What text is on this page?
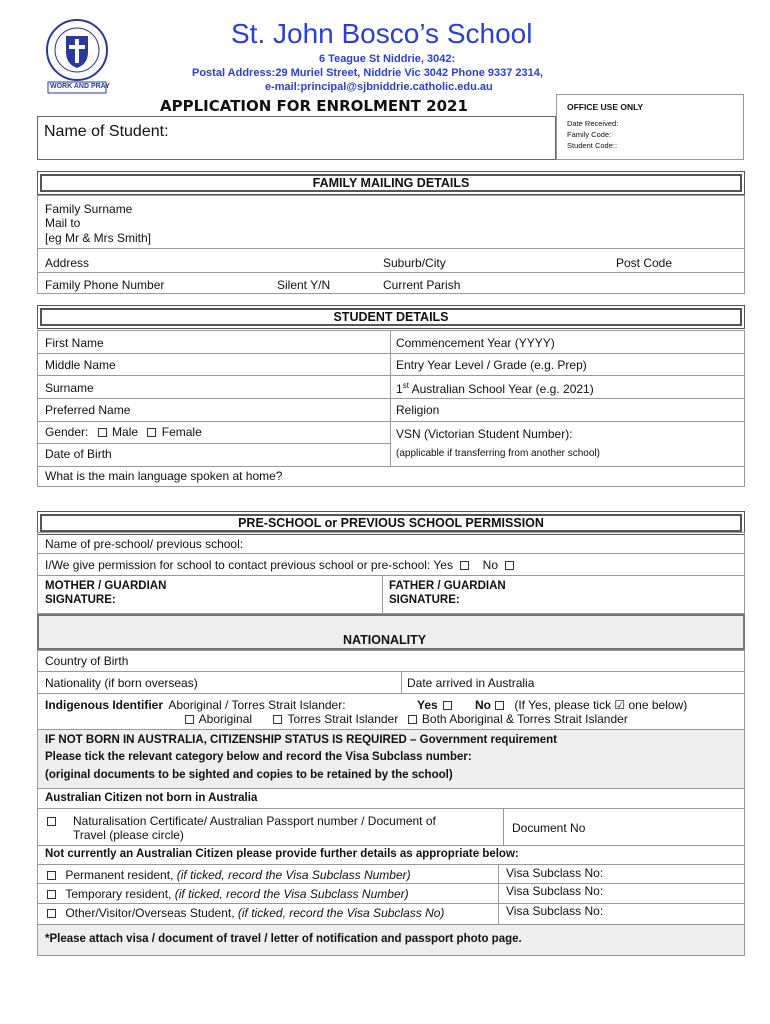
WORK AND PRAY
St. John Bosco’s School
6 Teague St Niddrie, 3042:
Postal Address:29 Muriel Street, Niddrie Vic 3042 Phone 9337 2314,
e-mail:principal@sjbniddrie.catholic.edu.au
APPLICATION FOR ENROLMENT 2021
Name of Student:
OFFICE USE ONLY
Date Received:
Family Code:
Student Code::
FAMILY MAILING DETAILS
Family Surname
Mail to
[eg Mr & Mrs Smith]
Address	Suburb/City	Post Code
Family Phone Number	Silent Y/N	Current Parish
STUDENT DETAILS
First Name	Commencement Year (YYYY)
Middle Name	Entry Year Level / Grade (e.g. Prep)
Surname	1st Australian School Year (e.g. 2021)
Preferred Name	Religion
Gender: Male Female	VSN (Victorian Student Number):
Date of Birth	(applicable if transferring from another school)
What is the main language spoken at home?
PRE-SCHOOL or PREVIOUS SCHOOL PERMISSION
Name of pre-school/ previous school:
I/We give permission for school to contact previous school or pre-school: Yes No
MOTHER / GUARDIAN
SIGNATURE:
FATHER / GUARDIAN
SIGNATURE:
NATIONALITY
Country of Birth
Nationality (if born overseas)	Date arrived in Australia
Indigenous Identifier Aboriginal / Torres Strait Islander:	Yes	No (If Yes, please tick ☑ one below)
Aboriginal	Torres Strait Islander Both Aboriginal & Torres Strait Islander
IF NOT BORN IN AUSTRALIA, CITIZENSHIP STATUS IS REQUIRED – Government requirement
Please tick the relevant category below and record the Visa Subclass number:
(original documents to be sighted and copies to be retained by the school)
Australian Citizen not born in Australia
Naturalisation Certificate/ Australian Passport number / Document of
Travel (please circle)	Document No
Not currently an Australian Citizen please provide further details as appropriate below:
Permanent resident, (if ticked, record the Visa Subclass Number)	Visa Subclass No:
Temporary resident, (if ticked, record the Visa Subclass Number)	Visa Subclass No:
Other/Visitor/Overseas Student, (if ticked, record the Visa Subclass No)	Visa Subclass No:
*Please attach visa / document of travel / letter of notification and passport photo page.
